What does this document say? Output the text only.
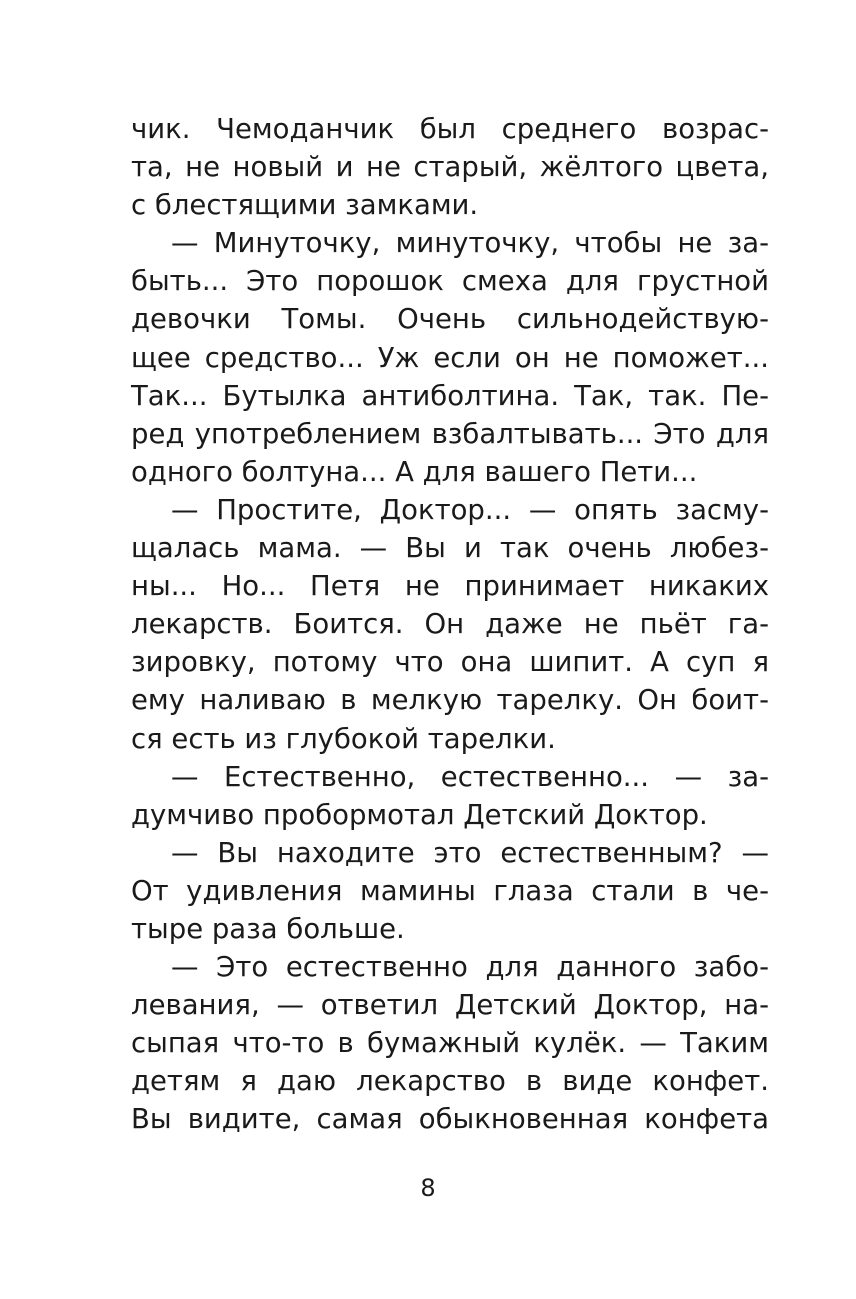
чик. Чемоданчик был среднего возрас-
та, не новый и не старый, жёлтого цвета,
с блестящими замками.
— Минуточку, минуточку, чтобы не за-
быть... Это порошок смеха для грустной
девочки Томы. Очень сильнодействую-
щее средство... Уж если он не поможет...
Так... Бутылка антиболтина. Так, так. Пе-
ред употреблением взбалтывать... Это для
одного болтуна... А для вашего Пети...
— Простите, Доктор... — опять засму-
щалась мама. — Вы и так очень любез-
ны... Но... Петя не принимает никаких
лекарств. Боится. Он даже не пьёт га-
зировку, потому что она шипит. А суп я
ему наливаю в мелкую тарелку. Он боит-
ся есть из глубокой тарелки.
— Естественно, естественно... — за-
думчиво пробормотал Детский Доктор.
— Вы находите это естественным? —
От удивления мамины глаза стали в че-
тыре раза больше.
— Это естественно для данного забо-
левания, — ответил Детский Доктор, на-
сыпая что-то в бумажный кулёк. — Таким
детям я даю лекарство в виде конфет.
Вы видите, самая обыкновенная конфета
8
